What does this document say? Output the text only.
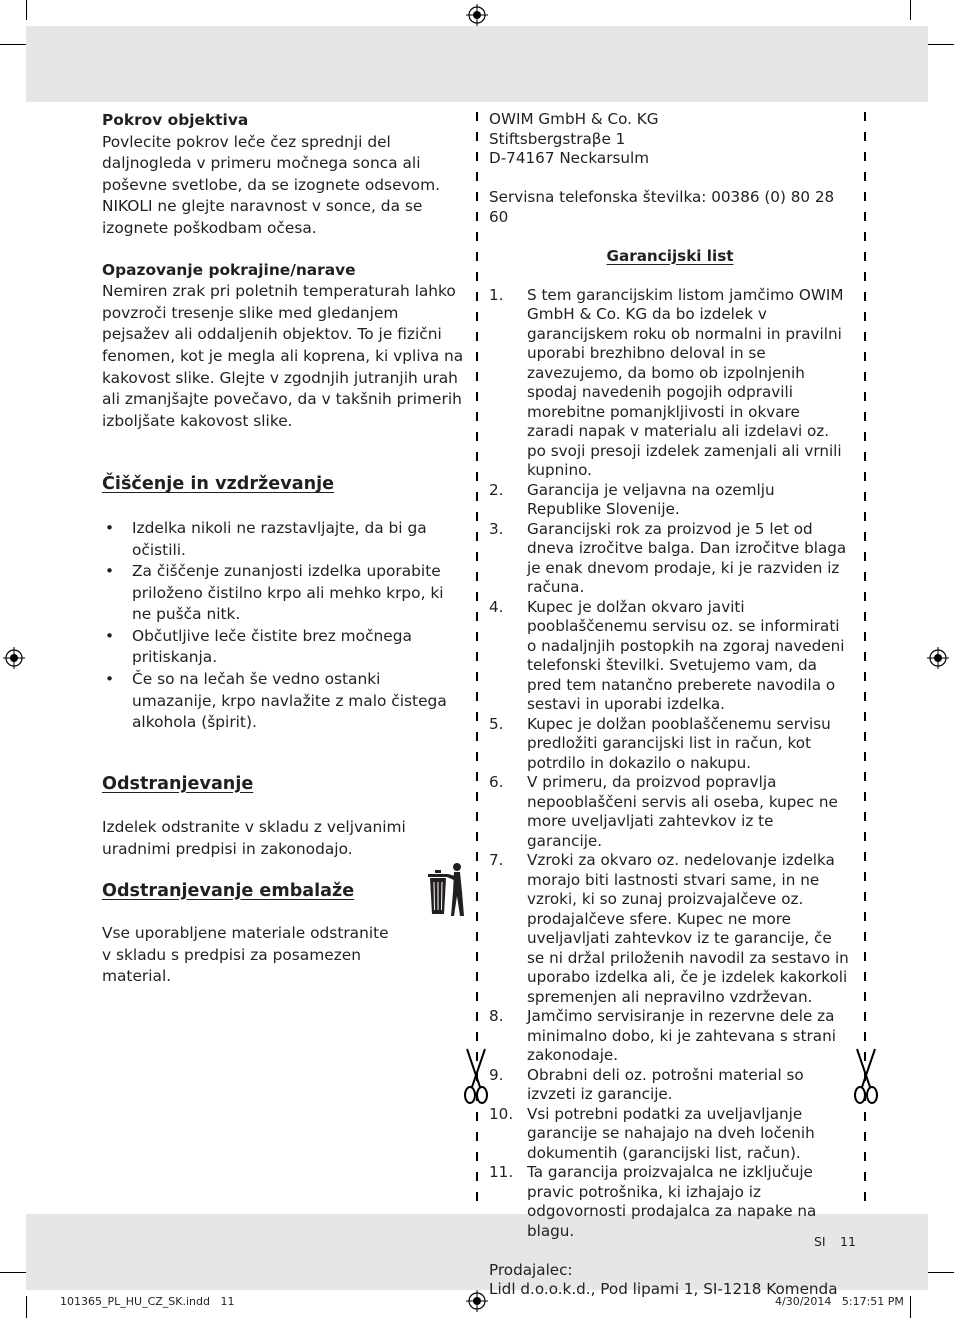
Pokrov objektiva
Povlecite pokrov leče čez sprednji del daljnogleda v primeru močnega sonca ali poševne svetlobe, da se izognete odsevom. NIKOLI ne glejte naravnost v sonce, da se izognete poškodbam očesa.
Opazovanje pokrajine/narave
Nemiren zrak pri poletnih temperaturah lahko povzroči tresenje slike med gledanjem pejsažev ali oddaljenih objektov. To je fizični fenomen, kot je megla ali koprena, ki vpliva na kakovost slike. Glejte v zgodnjih jutranjih urah ali zmanjšajte povečavo, da v takšnih primerih izboljšate kakovost slike.
Čiščenje in vzdrževanje
• Izdelka nikoli ne razstavljajte, da bi ga očistili.
• Za čiščenje zunanjosti izdelka uporabite priloženo čistilno krpo ali mehko krpo, ki ne pušča nitk.
• Občutljive leče čistite brez močnega pritiskanja.
• Če so na lečah še vedno ostanki umazanije, krpo navlažite z malo čistega alkohola (špirit).
Odstranjevanje
Izdelek odstranite v skladu z veljvanimi uradnimi predpisi in zakonodajo.
Odstranjevanje embalaže
Vse uporabljene materiale odstranite v skladu s predpisi za posamezen material.
OWIM GmbH & Co. KG
Stiftsbergstraβe 1
D-74167 Neckarsulm
Servisna telefonska številka: 00386 (0) 80 28 60
Garancijski list
1. S tem garancijskim listom jamčimo OWIM GmbH & Co. KG da bo izdelek v garancijskem roku ob normalni in pravilni uporabi brezhibno deloval in se zavezujemo, da bomo ob izpolnjenih spodaj navedenih pogojih odpravili morebitne pomanjkljivosti in okvare zaradi napak v materialu ali izdelavi oz. po svoji presoji izdelek zamenjali ali vrnili kupnino.
2. Garancija je veljavna na ozemlju Republike Slovenije.
3. Garancijski rok za proizvod je 5 let od dneva izročitve balga. Dan izročitve blaga je enak dnevom prodaje, ki je razviden iz računa.
4. Kupec je dolžan okvaro javiti pooblaščenemu servisu oz. se informirati o nadaljnjih postopkih na zgoraj navedeni telefonski številki. Svetujemo vam, da pred tem natančno preberete navodila o sestavi in uporabi izdelka.
5. Kupec je dolžan pooblaščenemu servisu predložiti garancijski list in račun, kot potrdilo in dokazilo o nakupu.
6. V primeru, da proizvod popravlja nepooblaščeni servis ali oseba, kupec ne more uveljavljati zahtevkov iz te garancije.
7. Vzroki za okvaro oz. nedelovanje izdelka morajo biti lastnosti stvari same, in ne vzroki, ki so zunaj proizvajalčeve oz. prodajalčeve sfere. Kupec ne more uveljavljati zahtevkov iz te garancije, če se ni držal priloženih navodil za sestavo in uporabo izdelka ali, če je izdelek kakorkoli spremenjen ali nepravilno vzdrževan.
8. Jamčimo servisiranje in rezervne dele za minimalno dobo, ki je zahtevana s strani zakonodaje.
9. Obrabni deli oz. potrošni material so izvzeti iz garancije.
10. Vsi potrebni podatki za uveljavljanje garancije se nahajajo na dveh ločenih dokumentih (garancijski list, račun).
11. Ta garancija proizvajalca ne izključuje pravic potrošnika, ki izhajajo iz odgovornosti prodajalca za napake na blagu.
Prodajalec:
Lidl d.o.o.k.d., Pod lipami 1, SI-1218 Komenda
SI 11
101365_PL_HU_CZ_SK.indd   11	4/30/2014   5:17:51 PM
